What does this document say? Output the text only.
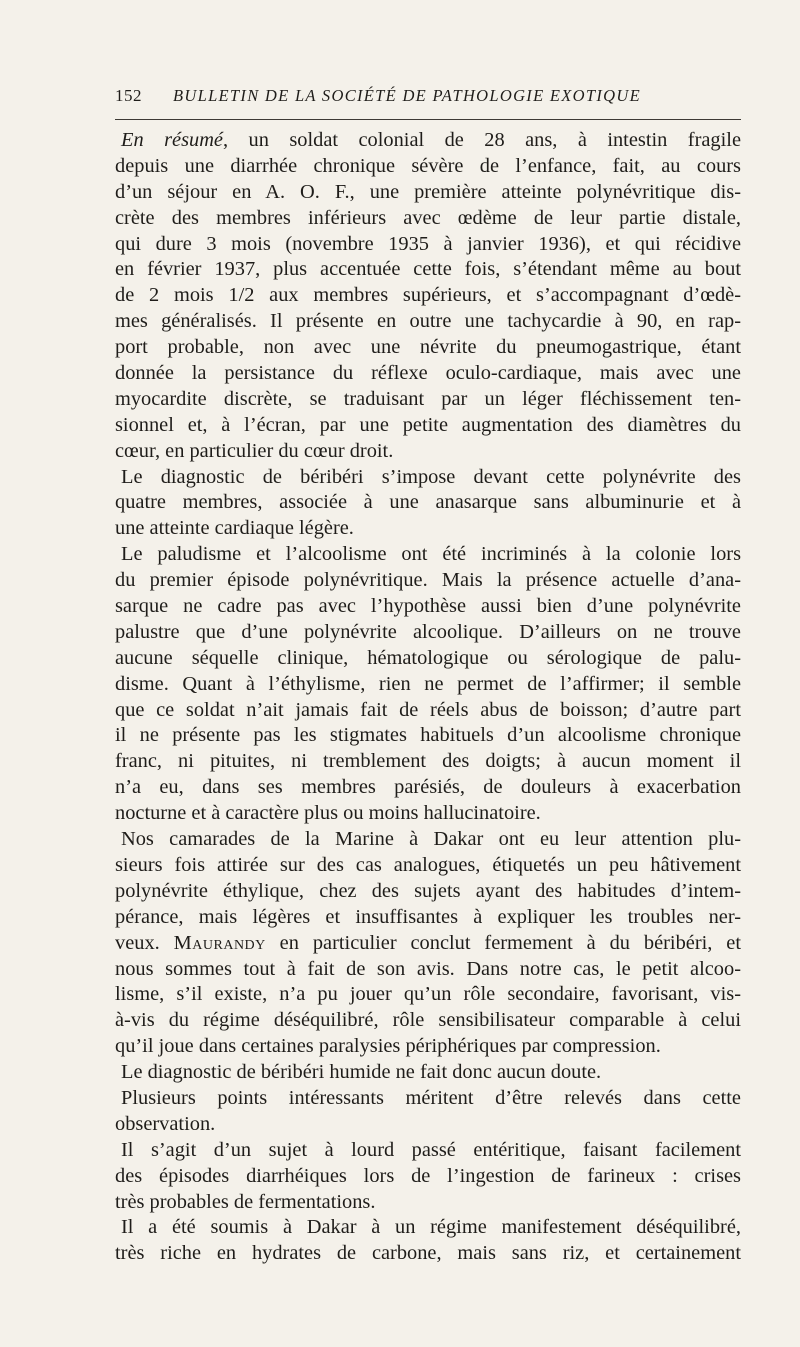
152 BULLETIN DE LA SOCIÉTÉ DE PATHOLOGIE EXOTIQUE
En résumé, un soldat colonial de 28 ans, à intestin fragile
depuis une diarrhée chronique sévère de l’enfance, fait, au cours
d’un séjour en A. O. F., une première atteinte polynévritique dis-
crète des membres inférieurs avec œdème de leur partie distale,
qui dure 3 mois (novembre 1935 à janvier 1936), et qui récidive
en février 1937, plus accentuée cette fois, s’étendant même au bout
de 2 mois 1/2 aux membres supérieurs, et s’accompagnant d’œdè-
mes généralisés. Il présente en outre une tachycardie à 90, en rap-
port probable, non avec une névrite du pneumogastrique, étant
donnée la persistance du réflexe oculo-cardiaque, mais avec une
myocardite discrète, se traduisant par un léger fléchissement ten-
sionnel et, à l’écran, par une petite augmentation des diamètres du
cœur, en particulier du cœur droit.
Le diagnostic de béribéri s’impose devant cette polynévrite des
quatre membres, associée à une anasarque sans albuminurie et à
une atteinte cardiaque légère.
Le paludisme et l’alcoolisme ont été incriminés à la colonie lors
du premier épisode polynévritique. Mais la présence actuelle d’ana-
sarque ne cadre pas avec l’hypothèse aussi bien d’une polynévrite
palustre que d’une polynévrite alcoolique. D’ailleurs on ne trouve
aucune séquelle clinique, hématologique ou sérologique de palu-
disme. Quant à l’éthylisme, rien ne permet de l’affirmer; il semble
que ce soldat n’ait jamais fait de réels abus de boisson; d’autre part
il ne présente pas les stigmates habituels d’un alcoolisme chronique
franc, ni pituites, ni tremblement des doigts; à aucun moment il
n’a eu, dans ses membres parésiés, de douleurs à exacerbation
nocturne et à caractère plus ou moins hallucinatoire.
Nos camarades de la Marine à Dakar ont eu leur attention plu-
sieurs fois attirée sur des cas analogues, étiquetés un peu hâtivement
polynévrite éthylique, chez des sujets ayant des habitudes d’intem-
pérance, mais légères et insuffisantes à expliquer les troubles ner-
veux. Maurandy en particulier conclut fermement à du béribéri, et
nous sommes tout à fait de son avis. Dans notre cas, le petit alcoo-
lisme, s’il existe, n’a pu jouer qu’un rôle secondaire, favorisant, vis-
à-vis du régime déséquilibré, rôle sensibilisateur comparable à celui
qu’il joue dans certaines paralysies périphériques par compression.
Le diagnostic de béribéri humide ne fait donc aucun doute.
Plusieurs points intéressants méritent d’être relevés dans cette
observation.
Il s’agit d’un sujet à lourd passé entéritique, faisant facilement
des épisodes diarrhéiques lors de l’ingestion de farineux : crises
très probables de fermentations.
Il a été soumis à Dakar à un régime manifestement déséquilibré,
très riche en hydrates de carbone, mais sans riz, et certainement
